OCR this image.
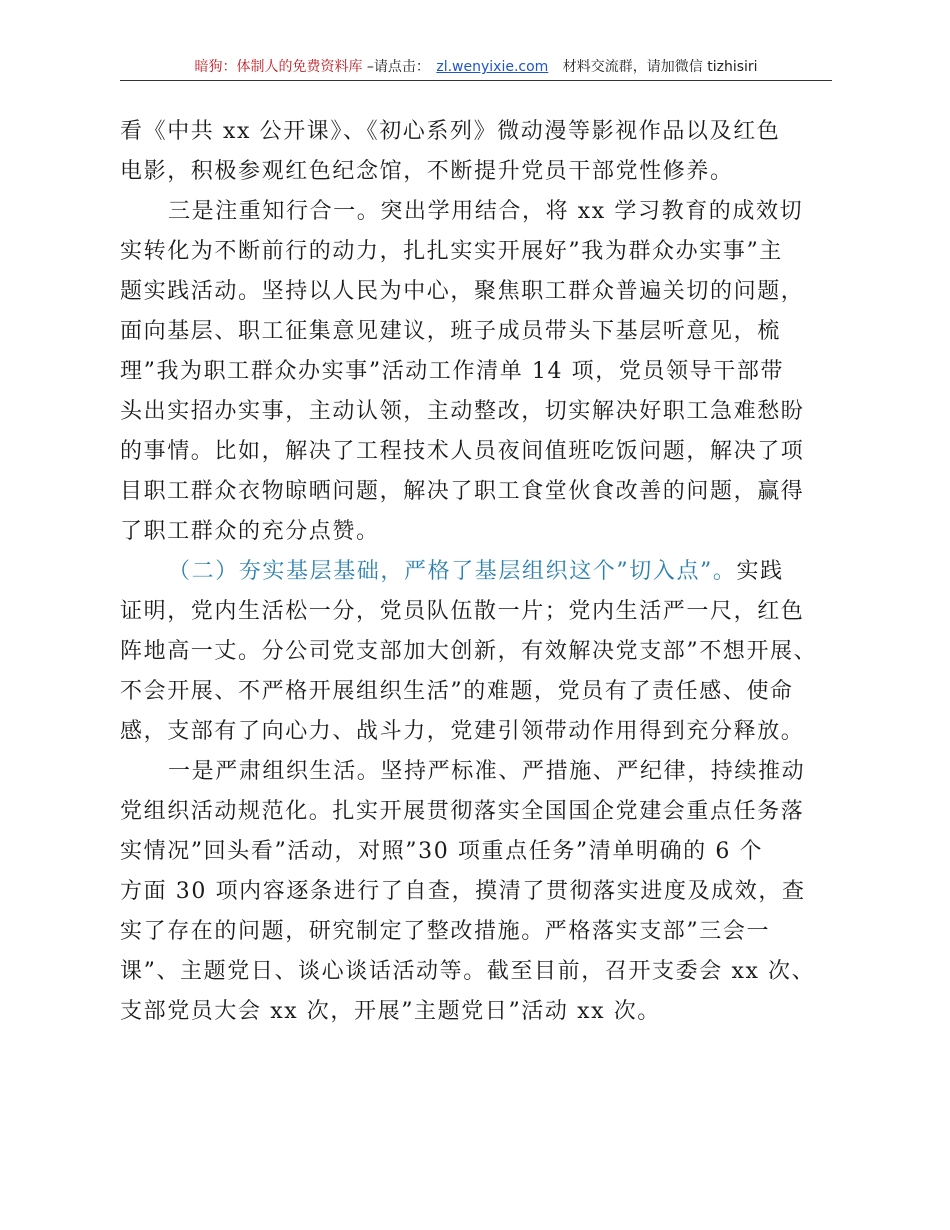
暗狗：体制人的免费资料库 –请点击： zl.wenyixie.com 材料交流群，请加微信 tizhisiri

看《中共 xx 公开课》、《初心系列》微动漫等影视作品以及红色
电影，积极参观红色纪念馆，不断提升党员干部党性修养。

三是注重知行合一。突出学用结合，将 xx 学习教育的成效切
实转化为不断前行的动力，扎扎实实开展好”我为群众办实事”主
题实践活动。坚持以人民为中心，聚焦职工群众普遍关切的问题，
面向基层、职工征集意见建议，班子成员带头下基层听意见，梳
理”我为职工群众办实事”活动工作清单 14 项，党员领导干部带
头出实招办实事，主动认领，主动整改，切实解决好职工急难愁盼
的事情。比如，解决了工程技术人员夜间值班吃饭问题，解决了项
目职工群众衣物晾晒问题，解决了职工食堂伙食改善的问题，赢得
了职工群众的充分点赞。

（二）夯实基层基础，严格了基层组织这个”切入点”。实践
证明，党内生活松一分，党员队伍散一片；党内生活严一尺，红色
阵地高一丈。分公司党支部加大创新，有效解决党支部”不想开展、
不会开展、不严格开展组织生活”的难题，党员有了责任感、使命
感，支部有了向心力、战斗力，党建引领带动作用得到充分释放。

一是严肃组织生活。坚持严标准、严措施、严纪律，持续推动
党组织活动规范化。扎实开展贯彻落实全国国企党建会重点任务落
实情况”回头看”活动，对照”30 项重点任务”清单明确的 6 个
方面 30 项内容逐条进行了自查，摸清了贯彻落实进度及成效，查
实了存在的问题，研究制定了整改措施。严格落实支部”三会一
课”、主题党日、谈心谈话活动等。截至目前，召开支委会 xx 次、
支部党员大会 xx 次，开展”主题党日”活动 xx 次。
